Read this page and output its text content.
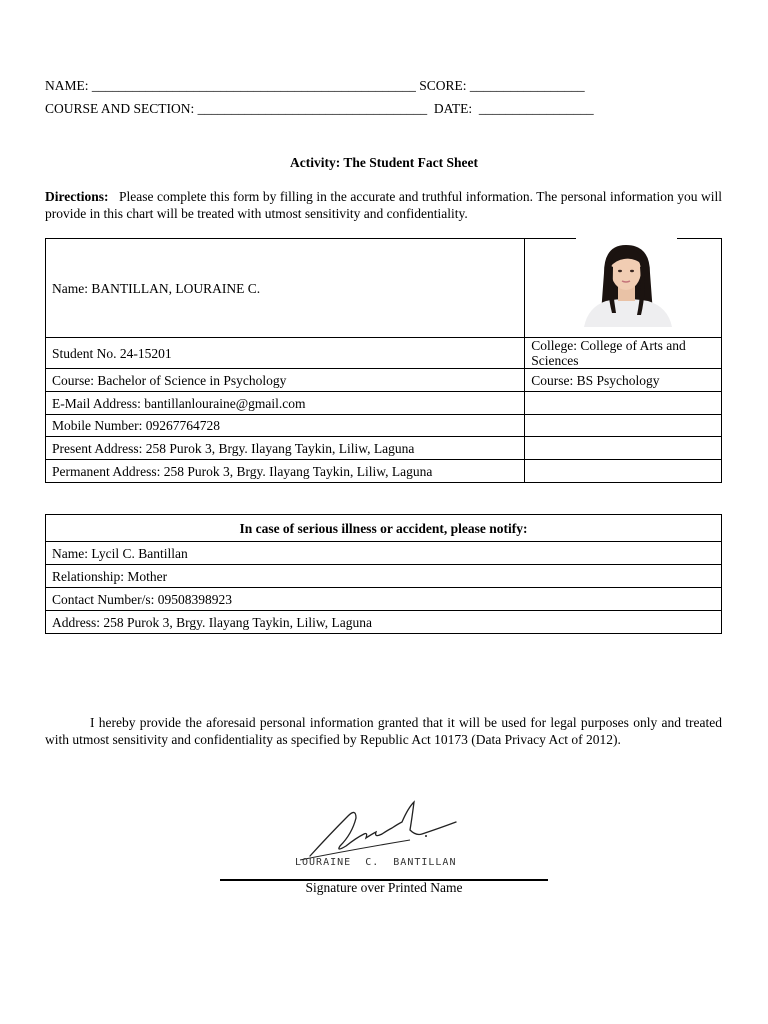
NAME: ________________________________________________ SCORE: _________________
COURSE AND SECTION: __________________________________ DATE: _________________
Activity: The Student Fact Sheet
Directions: Please complete this form by filling in the accurate and truthful information. The personal information you will provide in this chart will be treated with utmost sensitivity and confidentiality.
Name: BANTILLAN, LOURAINE C.	
Student No. 24-15201	College: College of Arts and Sciences
Course: Bachelor of Science in Psychology	Course: BS Psychology
E-Mail Address: bantillanlouraine@gmail.com	
Mobile Number: 09267764728	
Present Address: 258 Purok 3, Brgy. Ilayang Taykin, Liliw, Laguna	
Permanent Address: 258 Purok 3, Brgy. Ilayang Taykin, Liliw, Laguna	
In case of serious illness or accident, please notify:
Name: Lycil C. Bantillan
Relationship: Mother
Contact Number/s: 09508398923
Address: 258 Purok 3, Brgy. Ilayang Taykin, Liliw, Laguna
I hereby provide the aforesaid personal information granted that it will be used for legal purposes only and treated with utmost sensitivity and confidentiality as specified by Republic Act 10173 (Data Privacy Act of 2012).
LOURAINE  C.  BANTILLAN
Signature over Printed Name
